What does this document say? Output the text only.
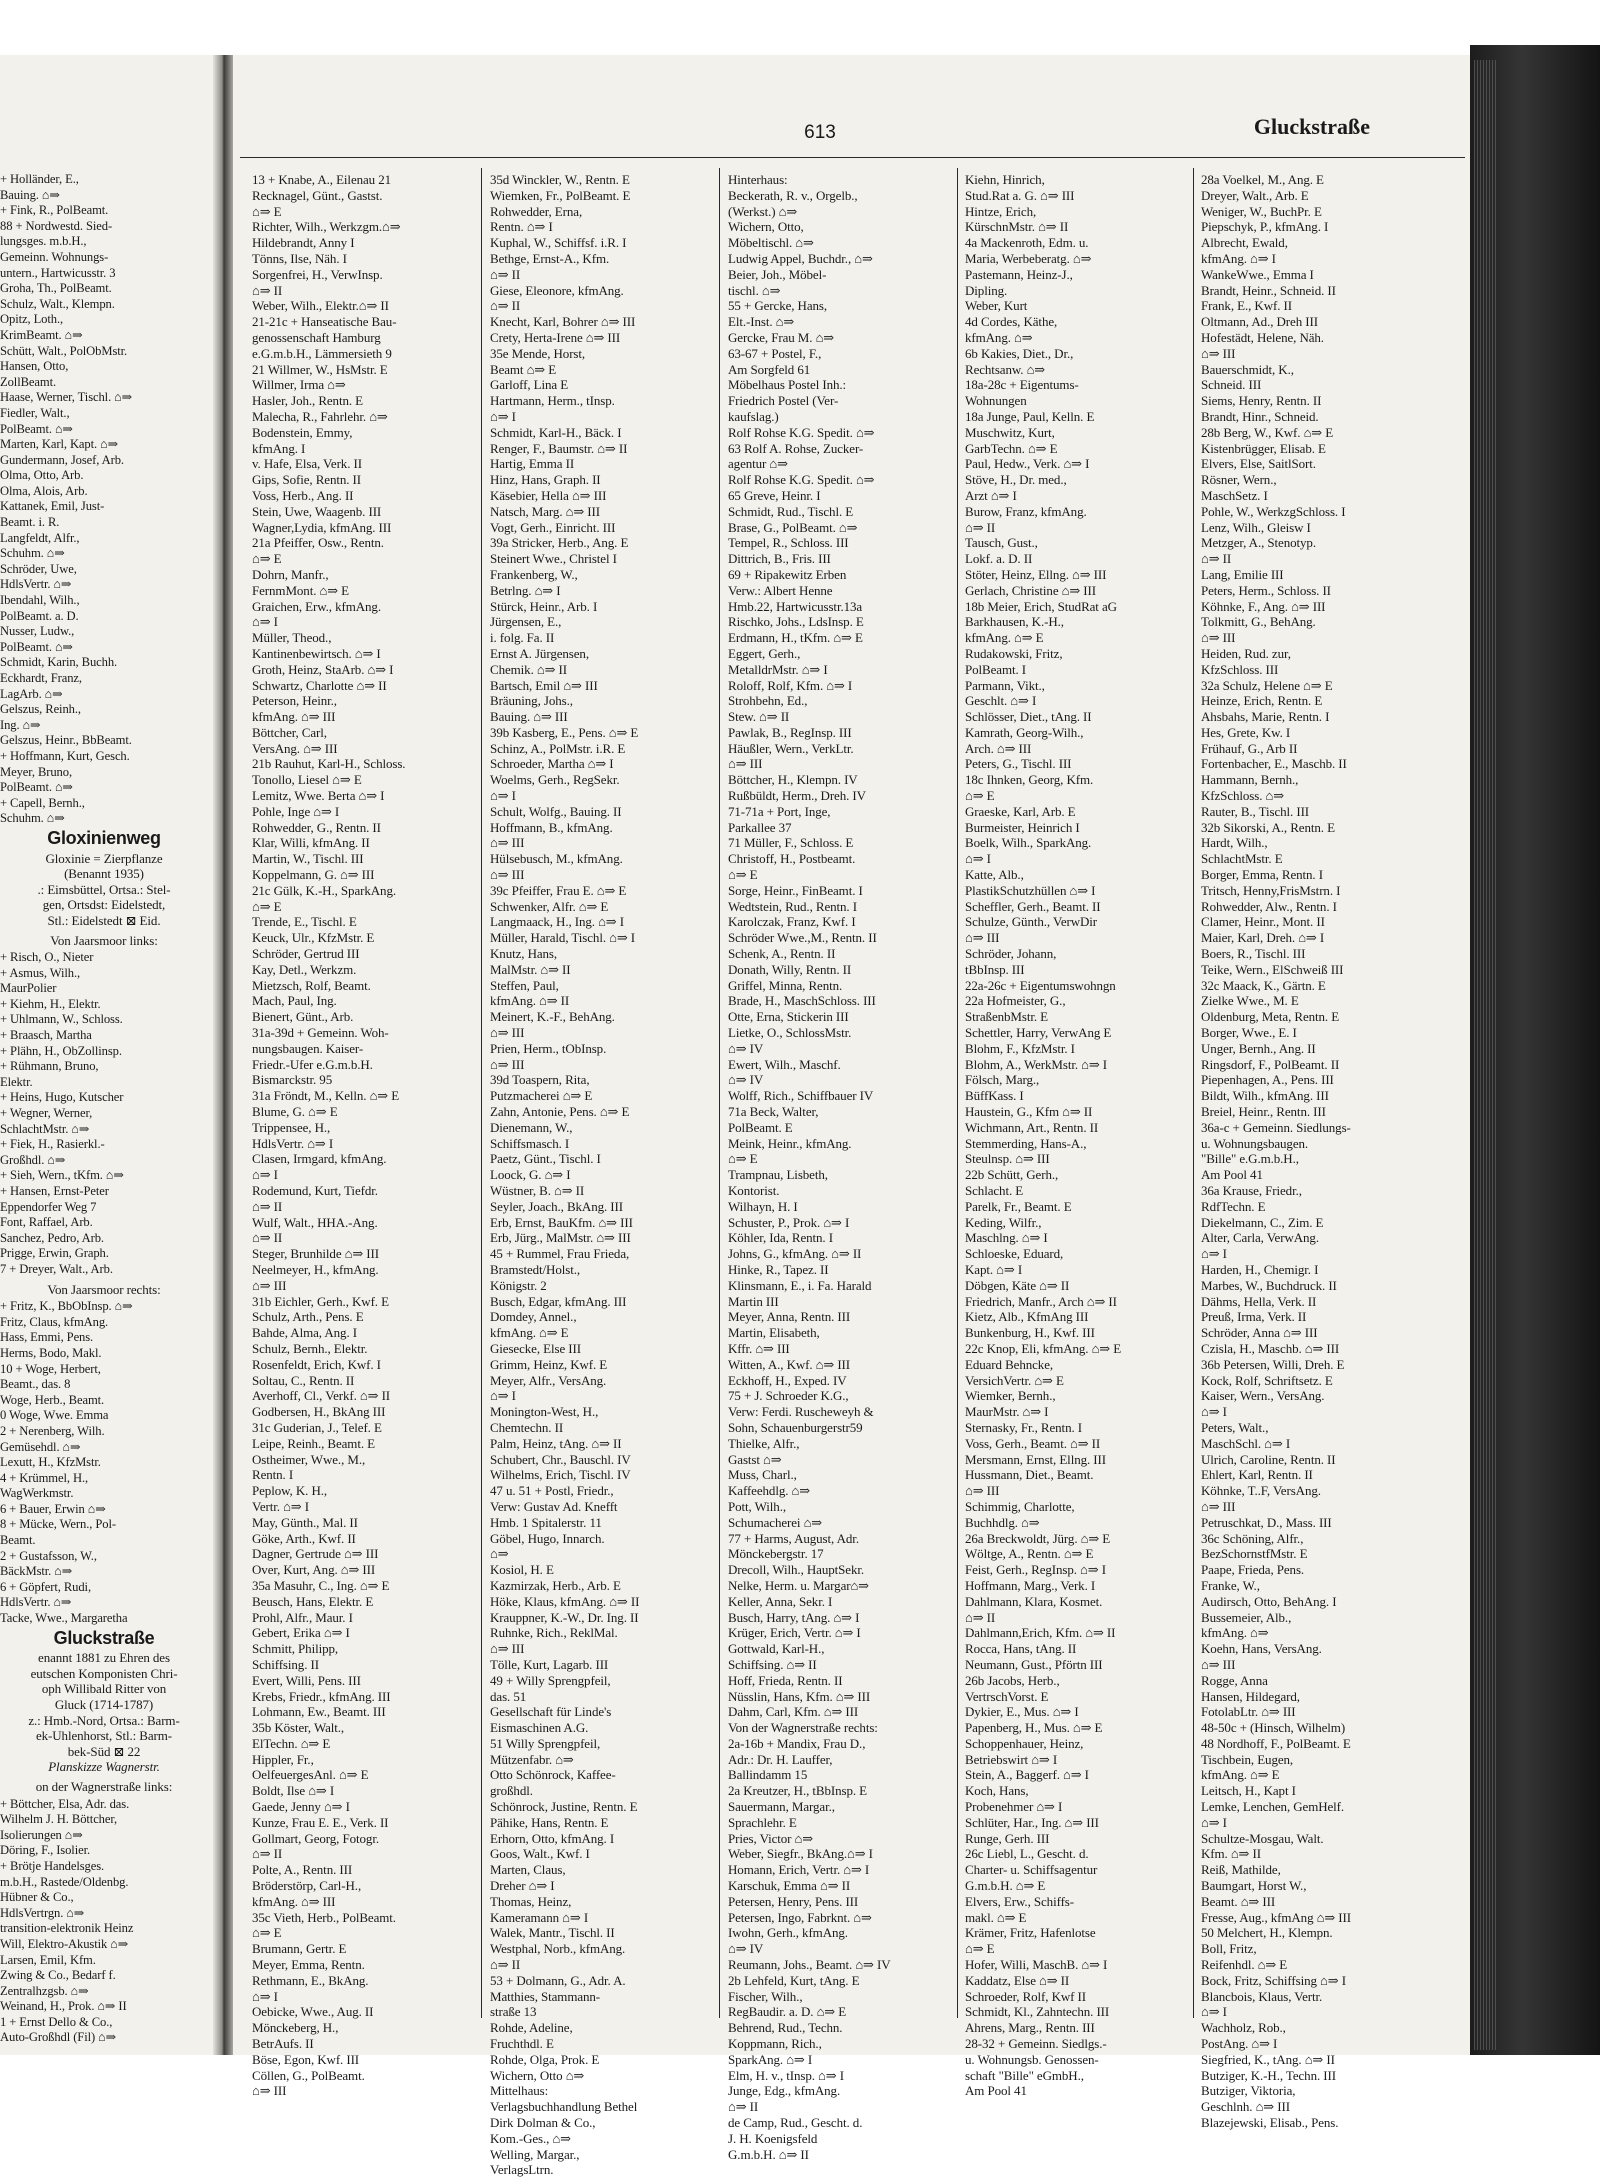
613	Gluckstraße
+ Holländer, E.,
Bauing. ⌂⇒
+ Fink, R., PolBeamt.
88 + Nordwestd. Sied-
lungsges. m.b.H.,
Gemeinn. Wohnungs-
untern., Hartwicusstr. 3
Groha, Th., PolBeamt.
Schulz, Walt., Klempn.
Opitz, Loth.,
KrimBeamt. ⌂⇒
Schütt, Walt., PolObMstr.
Hansen, Otto,
ZollBeamt.
Haase, Werner, Tischl. ⌂⇒
Fiedler, Walt.,
PolBeamt. ⌂⇒
Marten, Karl, Kapt. ⌂⇒
Gundermann, Josef, Arb.
Olma, Otto, Arb.
Olma, Alois, Arb.
Kattanek, Emil, Just-
Beamt. i. R.
Langfeldt, Alfr.,
Schuhm. ⌂⇒
Schröder, Uwe,
HdlsVertr. ⌂⇒
Ibendahl, Wilh.,
PolBeamt. a. D.
Nusser, Ludw.,
PolBeamt. ⌂⇒
Schmidt, Karin, Buchh.
Eckhardt, Franz,
LagArb. ⌂⇒
Gelszus, Reinh.,
Ing. ⌂⇒
Gelszus, Heinr., BbBeamt.
+ Hoffmann, Kurt, Gesch.
Meyer, Bruno,
PolBeamt. ⌂⇒
+ Capell, Bernh.,
Schuhm. ⌂⇒
Gloxinienweg
Gloxinie = Zierpflanze
(Benannt 1935)
.: Eimsbüttel, Ortsa.: Stel-
gen, Ortsdst: Eidelstedt,
Stl.: Eidelstedt ⊠ Eid.
Von Jaarsmoor links:
+ Risch, O., Nieter
+ Asmus, Wilh.,
MaurPolier
+ Kiehm, H., Elektr.
+ Uhlmann, W., Schloss.
+ Braasch, Martha
+ Plähn, H., ObZollinsp.
+ Rühmann, Bruno,
Elektr.
+ Heins, Hugo, Kutscher
+ Wegner, Werner,
SchlachtMstr. ⌂⇒
+ Fiek, H., Rasierkl.-
Großhdl. ⌂⇒
+ Sieh, Wern., tKfm. ⌂⇒
+ Hansen, Ernst-Peter
Eppendorfer Weg 7
Font, Raffael, Arb.
Sanchez, Pedro, Arb.
Prigge, Erwin, Graph.
7 + Dreyer, Walt., Arb.
Von Jaarsmoor rechts:
+ Fritz, K., BbObInsp. ⌂⇒
Fritz, Claus, kfmAng.
Hass, Emmi, Pens.
Herms, Bodo, Makl.
10 + Woge, Herbert,
Beamt., das. 8
Woge, Herb., Beamt.
0 Woge, Wwe. Emma
2 + Nerenberg, Wilh.
Gemüsehdl. ⌂⇒
Lexutt, H., KfzMstr.
4 + Krümmel, H.,
WagWerkmstr.
6 + Bauer, Erwin ⌂⇒
8 + Mücke, Wern., Pol-
Beamt.
2 + Gustafsson, W.,
BäckMstr. ⌂⇒
6 + Göpfert, Rudi,
HdlsVertr. ⌂⇒
Tacke, Wwe., Margaretha
Gluckstraße
enannt 1881 zu Ehren des
eutschen Komponisten Chri-
oph Willibald Ritter von
Gluck (1714-1787)
z.: Hmb.-Nord, Ortsa.: Barm-
ek-Uhlenhorst, Stl.: Barm-
bek-Süd ⊠ 22
Planskizze Wagnerstr.
on der Wagnerstraße links:
+ Böttcher, Elsa, Adr. das.
Wilhelm J. H. Böttcher,
Isolierungen ⌂⇒
Döring, F., Isolier.
+ Brötje Handelsges.
m.b.H., Rastede/Oldenbg.
Hübner & Co.,
HdlsVertrgn. ⌂⇒
transition-elektronik Heinz
Will, Elektro-Akustik ⌂⇒
Larsen, Emil, Kfm.
Zwing & Co., Bedarf f.
Zentralhzgsb. ⌂⇒
Weinand, H., Prok. ⌂⇒ II
1 + Ernst Dello & Co.,
Auto-Großhdl (Fil) ⌂⇒
13 + Knabe, A., Eilenau 21
Recknagel, Günt., Gastst.
⌂⇒ E
Richter, Wilh., Werkzgm.⌂⇒
Hildebrandt, Anny I
Tönns, Ilse, Näh. I
Sorgenfrei, H., VerwInsp.
⌂⇒ II
Weber, Wilh., Elektr.⌂⇒ II
21-21c + Hanseatische Bau-
genossenschaft Hamburg
e.G.m.b.H., Lämmersieth 9
21 Willmer, W., HsMstr. E
Willmer, Irma ⌂⇒
Hasler, Joh., Rentn. E
Malecha, R., Fahrlehr. ⌂⇒
Bodenstein, Emmy,
kfmAng. I
v. Hafe, Elsa, Verk. II
Gips, Sofie, Rentn. II
Voss, Herb., Ang. II
Stein, Uwe, Waagenb. III
Wagner,Lydia, kfmAng. III
21a Pfeiffer, Osw., Rentn.
⌂⇒ E
Dohrn, Manfr.,
FernmMont. ⌂⇒ E
Graichen, Erw., kfmAng.
⌂⇒ I
Müller, Theod.,
Kantinenbewirtsch. ⌂⇒ I
Groth, Heinz, StaArb. ⌂⇒ I
Schwartz, Charlotte ⌂⇒ II
Peterson, Heinr.,
kfmAng. ⌂⇒ III
Böttcher, Carl,
VersAng. ⌂⇒ III
21b Rauhut, Karl-H., Schloss.
Tonollo, Liesel ⌂⇒ E
Lemitz, Wwe. Berta ⌂⇒ I
Pohle, Inge ⌂⇒ I
Rohwedder, G., Rentn. II
Klar, Willi, kfmAng. II
Martin, W., Tischl. III
Koppelmann, G. ⌂⇒ III
21c Gülk, K.-H., SparkAng.
⌂⇒ E
Trende, E., Tischl. E
Keuck, Ulr., KfzMstr. E
Schröder, Gertrud III
Kay, Detl., Werkzm.
Mietzsch, Rolf, Beamt.
Mach, Paul, Ing.
Bienert, Günt., Arb.
31a-39d + Gemeinn. Woh-
nungsbaugen. Kaiser-
Friedr.-Ufer e.G.m.b.H.
Bismarckstr. 95
31a Fröndt, M., Kelln. ⌂⇒ E
Blume, G. ⌂⇒ E
Trippensee, H.,
HdlsVertr. ⌂⇒ I
Clasen, Irmgard, kfmAng.
⌂⇒ I
Rodemund, Kurt, Tiefdr.
⌂⇒ II
Wulf, Walt., HHA.-Ang.
⌂⇒ II
Steger, Brunhilde ⌂⇒ III
Neelmeyer, H., kfmAng.
⌂⇒ III
31b Eichler, Gerh., Kwf. E
Schulz, Arth., Pens. E
Bahde, Alma, Ang. I
Schulz, Bernh., Elektr.
Rosenfeldt, Erich, Kwf. I
Soltau, C., Rentn. II
Averhoff, Cl., Verkf. ⌂⇒ II
Godbersen, H., BkAng III
31c Guderian, J., Telef. E
Leipe, Reinh., Beamt. E
Ostheimer, Wwe., M.,
Rentn. I
Peplow, K. H.,
Vertr. ⌂⇒ I
May, Günth., Mal. II
Göke, Arth., Kwf. II
Dagner, Gertrude ⌂⇒ III
Over, Kurt, Ang. ⌂⇒ III
35a Masuhr, C., Ing. ⌂⇒ E
Beusch, Hans, Elektr. E
Prohl, Alfr., Maur. I
Gebert, Erika ⌂⇒ I
Schmitt, Philipp,
Schiffsing. II
Evert, Willi, Pens. III
Krebs, Friedr., kfmAng. III
Lohmann, Ew., Beamt. III
35b Köster, Walt.,
ElTechn. ⌂⇒ E
Hippler, Fr.,
OelfeuergesAnl. ⌂⇒ E
Boldt, Ilse ⌂⇒ I
Gaede, Jenny ⌂⇒ I
Kunze, Frau E. E., Verk. II
Gollmart, Georg, Fotogr.
⌂⇒ II
Polte, A., Rentn. III
Bröderstörp, Carl-H.,
kfmAng. ⌂⇒ III
35c Vieth, Herb., PolBeamt.
⌂⇒ E
Brumann, Gertr. E
Meyer, Emma, Rentn.
Rethmann, E., BkAng.
⌂⇒ I
Oebicke, Wwe., Aug. II
Mönckeberg, H.,
BetrAufs. II
Böse, Egon, Kwf. III
Cöllen, G., PolBeamt.
⌂⇒ III
35d Winckler, W., Rentn. E
Wiemken, Fr., PolBeamt. E
Rohwedder, Erna,
Rentn. ⌂⇒ I
Kuphal, W., Schiffsf. i.R. I
Bethge, Ernst-A., Kfm.
⌂⇒ II
Giese, Eleonore, kfmAng.
⌂⇒ II
Knecht, Karl, Bohrer ⌂⇒ III
Crety, Herta-Irene ⌂⇒ III
35e Mende, Horst,
Beamt ⌂⇒ E
Garloff, Lina E
Hartmann, Herm., tInsp.
⌂⇒ I
Schmidt, Karl-H., Bäck. I
Renger, F., Baumstr. ⌂⇒ II
Hartig, Emma II
Hinz, Hans, Graph. II
Käsebier, Hella ⌂⇒ III
Natsch, Marg. ⌂⇒ III
Vogt, Gerh., Einricht. III
39a Stricker, Herb., Ang. E
Steinert Wwe., Christel I
Frankenberg, W.,
Betrlng. ⌂⇒ I
Stürck, Heinr., Arb. I
Jürgensen, E.,
i. folg. Fa. II
Ernst A. Jürgensen,
Chemik. ⌂⇒ II
Bartsch, Emil ⌂⇒ III
Bräuning, Johs.,
Bauing. ⌂⇒ III
39b Kasberg, E., Pens. ⌂⇒ E
Schinz, A., PolMstr. i.R. E
Schroeder, Martha ⌂⇒ I
Woelms, Gerh., RegSekr.
⌂⇒ I
Schult, Wolfg., Bauing. II
Hoffmann, B., kfmAng.
⌂⇒ III
Hülsebusch, M., kfmAng.
⌂⇒ III
39c Pfeiffer, Frau E. ⌂⇒ E
Schwenker, Alfr. ⌂⇒ E
Langmaack, H., Ing. ⌂⇒ I
Müller, Harald, Tischl. ⌂⇒ I
Knutz, Hans,
MalMstr. ⌂⇒ II
Steffen, Paul,
kfmAng. ⌂⇒ II
Meinert, K.-F., BehAng.
⌂⇒ III
Prien, Herm., tObInsp.
⌂⇒ III
39d Toaspern, Rita,
Putzmacherei ⌂⇒ E
Zahn, Antonie, Pens. ⌂⇒ E
Dienemann, W.,
Schiffsmasch. I
Paetz, Günt., Tischl. I
Loock, G. ⌂⇒ I
Wüstner, B. ⌂⇒ II
Seyler, Joach., BkAng. III
Erb, Ernst, BauKfm. ⌂⇒ III
Erb, Jürg., MalMstr. ⌂⇒ III
45 + Rummel, Frau Frieda,
Bramstedt/Holst.,
Königstr. 2
Busch, Edgar, kfmAng. III
Domdey, Annel.,
kfmAng. ⌂⇒ E
Giesecke, Else III
Grimm, Heinz, Kwf. E
Meyer, Alfr., VersAng.
⌂⇒ I
Monington-West, H.,
Chemtechn. II
Palm, Heinz, tAng. ⌂⇒ II
Schubert, Chr., Bauschl. IV
Wilhelms, Erich, Tischl. IV
47 u. 51 + Postl, Friedr.,
Verw: Gustav Ad. Knefft
Hmb. 1 Spitalerstr. 11
Göbel, Hugo, Innarch.
⌂⇒
Kosiol, H. E
Kazmirzak, Herb., Arb. E
Höke, Klaus, kfmAng. ⌂⇒ II
Krauppner, K.-W., Dr. Ing. II
Ruhnke, Rich., ReklMal.
⌂⇒ III
Tölle, Kurt, Lagarb. III
49 + Willy Sprengpfeil,
das. 51
Gesellschaft für Linde's
Eismaschinen A.G.
51 Willy Sprengpfeil,
Mützenfabr. ⌂⇒
Otto Schönrock, Kaffee-
großhdl.
Schönrock, Justine, Rentn. E
Pähike, Hans, Rentn. E
Erhorn, Otto, kfmAng. I
Goos, Walt., Kwf. I
Marten, Claus,
Dreher ⌂⇒ I
Thomas, Heinz,
Kameramann ⌂⇒ I
Walek, Mantr., Tischl. II
Westphal, Norb., kfmAng.
⌂⇒ II
53 + Dolmann, G., Adr. A.
Matthies, Stammann-
straße 13
Rohde, Adeline,
Fruchthdl. E
Rohde, Olga, Prok. E
Wichern, Otto ⌂⇒
Mittelhaus:
Verlagsbuchhandlung Bethel
Dirk Dolman & Co.,
Kom.-Ges., ⌂⇒
Welling, Margar.,
VerlagsLtrn.
Hinterhaus:
Beckerath, R. v., Orgelb.,
(Werkst.) ⌂⇒
Wichern, Otto,
Möbeltischl. ⌂⇒
Ludwig Appel, Buchdr., ⌂⇒
Beier, Joh., Möbel-
tischl. ⌂⇒
55 + Gercke, Hans,
Elt.-Inst. ⌂⇒
Gercke, Frau M. ⌂⇒
63-67 + Postel, F.,
Am Sorgfeld 61
Möbelhaus Postel Inh.:
Friedrich Postel (Ver-
kaufslag.)
Rolf Rohse K.G. Spedit. ⌂⇒
63 Rolf A. Rohse, Zucker-
agentur ⌂⇒
Rolf Rohse K.G. Spedit. ⌂⇒
65 Greve, Heinr. I
Schmidt, Rud., Tischl. E
Brase, G., PolBeamt. ⌂⇒
Tempel, R., Schloss. III
Dittrich, B., Fris. III
69 + Ripakewitz Erben
Verw.: Albert Henne
Hmb.22, Hartwicusstr.13a
Rischko, Johs., LdsInsp. E
Erdmann, H., tKfm. ⌂⇒ E
Eggert, Gerh.,
MetalldrMstr. ⌂⇒ I
Roloff, Rolf, Kfm. ⌂⇒ I
Strohbehn, Ed.,
Stew. ⌂⇒ II
Pawlak, B., RegInsp. III
Häußler, Wern., VerkLtr.
⌂⇒ III
Böttcher, H., Klempn. IV
Rußbüldt, Herm., Dreh. IV
71-71a + Port, Inge,
Parkallee 37
71 Müller, F., Schloss. E
Christoff, H., Postbeamt.
⌂⇒ E
Sorge, Heinr., FinBeamt. I
Wedtstein, Rud., Rentn. I
Karolczak, Franz, Kwf. I
Schröder Wwe.,M., Rentn. II
Schenk, A., Rentn. II
Donath, Willy, Rentn. II
Griffel, Minna, Rentn.
Brade, H., MaschSchloss. III
Otte, Erna, Stickerin III
Lietke, O., SchlossMstr.
⌂⇒ IV
Ewert, Wilh., Maschf.
⌂⇒ IV
Wolff, Rich., Schiffbauer IV
71a Beck, Walter,
PolBeamt. E
Meink, Heinr., kfmAng.
⌂⇒ E
Trampnau, Lisbeth,
Kontorist.
Wilhayn, H. I
Schuster, P., Prok. ⌂⇒ I
Köhler, Ida, Rentn. I
Johns, G., kfmAng. ⌂⇒ II
Hinke, R., Tapez. II
Klinsmann, E., i. Fa. Harald
Martin III
Meyer, Anna, Rentn. III
Martin, Elisabeth,
Kffr. ⌂⇒ III
Witten, A., Kwf. ⌂⇒ III
Eckhoff, H., Exped. IV
75 + J. Schroeder K.G.,
Verw: Ferdi. Ruscheweyh &
Sohn, Schauenburgerstr59
Thielke, Alfr.,
Gastst ⌂⇒
Muss, Charl.,
Kaffeehdlg. ⌂⇒
Pott, Wilh.,
Schumacherei ⌂⇒
77 + Harms, August, Adr.
Mönckebergstr. 17
Drecoll, Wilh., HauptSekr.
Nelke, Herm. u. Margar⌂⇒
Keller, Anna, Sekr. I
Busch, Harry, tAng. ⌂⇒ I
Krüger, Erich, Vertr. ⌂⇒ I
Gottwald, Karl-H.,
Schiffsing. ⌂⇒ II
Hoff, Frieda, Rentn. II
Nüsslin, Hans, Kfm. ⌂⇒ III
Dahm, Carl, Kfm. ⌂⇒ III
Von der Wagnerstraße rechts:
2a-16b + Mandix, Frau D.,
Adr.: Dr. H. Lauffer,
Ballindamm 15
2a Kreutzer, H., tBbInsp. E
Sauermann, Margar.,
Sprachlehr. E
Pries, Victor ⌂⇒
Weber, Siegfr., BkAng.⌂⇒ I
Homann, Erich, Vertr. ⌂⇒ I
Karschuk, Emma ⌂⇒ II
Petersen, Henry, Pens. III
Petersen, Ingo, Fabrknt. ⌂⇒
Iwohn, Gerh., kfmAng.
⌂⇒ IV
Reumann, Johs., Beamt. ⌂⇒ IV
2b Lehfeld, Kurt, tAng. E
Fischer, Wilh.,
RegBaudir. a. D. ⌂⇒ E
Behrend, Rud., Techn.
Koppmann, Rich.,
SparkAng. ⌂⇒ I
Elm, H. v., tInsp. ⌂⇒ I
Junge, Edg., kfmAng.
⌂⇒ II
de Camp, Rud., Gescht. d.
J. H. Koenigsfeld
G.m.b.H. ⌂⇒ II
Kiehn, Hinrich,
Stud.Rat a. G. ⌂⇒ III
Hintze, Erich,
KürschnMstr. ⌂⇒ II
4a Mackenroth, Edm. u.
Maria, Werbeberatg. ⌂⇒
Pastemann, Heinz-J.,
Dipling.
Weber, Kurt
4d Cordes, Käthe,
kfmAng. ⌂⇒
6b Kakies, Diet., Dr.,
Rechtsanw. ⌂⇒
18a-28c + Eigentums-
Wohnungen
18a Junge, Paul, Kelln. E
Muschwitz, Kurt,
GarbTechn. ⌂⇒ E
Paul, Hedw., Verk. ⌂⇒ I
Stöve, H., Dr. med.,
Arzt ⌂⇒ I
Burow, Franz, kfmAng.
⌂⇒ II
Tausch, Gust.,
Lokf. a. D. II
Stöter, Heinz, Ellng. ⌂⇒ III
Gerlach, Christine ⌂⇒ III
18b Meier, Erich, StudRat aG
Barkhausen, K.-H.,
kfmAng. ⌂⇒ E
Rudakowski, Fritz,
PolBeamt. I
Parmann, Vikt.,
Geschlt. ⌂⇒ I
Schlösser, Diet., tAng. II
Kamrath, Georg-Wilh.,
Arch. ⌂⇒ III
Peters, G., Tischl. III
18c Ihnken, Georg, Kfm.
⌂⇒ E
Graeske, Karl, Arb. E
Burmeister, Heinrich I
Boelk, Wilh., SparkAng.
⌂⇒ I
Katte, Alb.,
PlastikSchutzhüllen ⌂⇒ I
Scheffler, Gerh., Beamt. II
Schulze, Günth., VerwDir
⌂⇒ III
Schröder, Johann,
tBbInsp. III
22a-26c + Eigentumswohngn
22a Hofmeister, G.,
StraßenbMstr. E
Schettler, Harry, VerwAng E
Blohm, F., KfzMstr. I
Blohm, A., WerkMstr. ⌂⇒ I
Fölsch, Marg.,
BüffKass. I
Haustein, G., Kfm ⌂⇒ II
Wichmann, Art., Rentn. II
Stemmerding, Hans-A.,
Steulnsp. ⌂⇒ III
22b Schütt, Gerh.,
Schlacht. E
Parelk, Fr., Beamt. E
Keding, Wilfr.,
Maschlng. ⌂⇒ I
Schloeske, Eduard,
Kapt. ⌂⇒ I
Döbgen, Käte ⌂⇒ II
Friedrich, Manfr., Arch ⌂⇒ II
Kietz, Alb., KfmAng III
Bunkenburg, H., Kwf. III
22c Knop, Eli, kfmAng. ⌂⇒ E
Eduard Behncke,
VersichVertr. ⌂⇒ E
Wiemker, Bernh.,
MaurMstr. ⌂⇒ I
Sternasky, Fr., Rentn. I
Voss, Gerh., Beamt. ⌂⇒ II
Mersmann, Ernst, Ellng. III
Hussmann, Diet., Beamt.
⌂⇒ III
Schimmig, Charlotte,
Buchhdlg. ⌂⇒
26a Breckwoldt, Jürg. ⌂⇒ E
Wöltge, A., Rentn. ⌂⇒ E
Feist, Gerh., RegInsp. ⌂⇒ I
Hoffmann, Marg., Verk. I
Dahlmann, Klara, Kosmet.
⌂⇒ II
Dahlmann,Erich, Kfm. ⌂⇒ II
Rocca, Hans, tAng. II
Neumann, Gust., Pförtn III
26b Jacobs, Herb.,
VertrschVorst. E
Dykier, E., Mus. ⌂⇒ I
Papenberg, H., Mus. ⌂⇒ E
Schoppenhauer, Heinz,
Betriebswirt ⌂⇒ I
Stein, A., Baggerf. ⌂⇒ I
Koch, Hans,
Probenehmer ⌂⇒ I
Schlüter, Har., Ing. ⌂⇒ III
Runge, Gerh. III
26c Liebl, L., Gescht. d.
Charter- u. Schiffsagentur
G.m.b.H. ⌂⇒ E
Elvers, Erw., Schiffs-
makl. ⌂⇒ E
Krämer, Fritz, Hafenlotse
⌂⇒ E
Hofer, Willi, MaschB. ⌂⇒ I
Kaddatz, Else ⌂⇒ II
Schroeder, Rolf, Kwf II
Schmidt, Kl., Zahntechn. III
Ahrens, Marg., Rentn. III
28-32 + Gemeinn. Siedlgs.-
u. Wohnungsb. Genossen-
schaft "Bille" eGmbH.,
Am Pool 41
28a Voelkel, M., Ang. E
Dreyer, Walt., Arb. E
Weniger, W., BuchPr. E
Piepschyk, P., kfmAng. I
Albrecht, Ewald,
kfmAng. ⌂⇒ I
WankeWwe., Emma I
Brandt, Heinr., Schneid. II
Frank, E., Kwf. II
Oltmann, Ad., Dreh III
Hofestädt, Helene, Näh.
⌂⇒ III
Bauerschmidt, K.,
Schneid. III
Siems, Henry, Rentn. II
Brandt, Hinr., Schneid.
28b Berg, W., Kwf. ⌂⇒ E
Kistenbrügger, Elisab. E
Elvers, Else, SaitlSort.
Rösner, Wern.,
MaschSetz. I
Pohle, W., WerkzgSchloss. I
Lenz, Wilh., Gleisw I
Metzger, A., Stenotyp.
⌂⇒ II
Lang, Emilie III
Peters, Herm., Schloss. II
Köhnke, F., Ang. ⌂⇒ III
Tolkmitt, G., BehAng.
⌂⇒ III
Heiden, Rud. zur,
KfzSchloss. III
32a Schulz, Helene ⌂⇒ E
Heinze, Erich, Rentn. E
Ahsbahs, Marie, Rentn. I
Hes, Grete, Kw. I
Frühauf, G., Arb II
Fortenbacher, E., Maschb. II
Hammann, Bernh.,
KfzSchloss. ⌂⇒
Rauter, B., Tischl. III
32b Sikorski, A., Rentn. E
Hardt, Wilh.,
SchlachtMstr. E
Borger, Emma, Rentn. I
Tritsch, Henny,FrisMstrn. I
Rohwedder, Alw., Rentn. I
Clamer, Heinr., Mont. II
Maier, Karl, Dreh. ⌂⇒ I
Boers, R., Tischl. III
Teike, Wern., ElSchweiß III
32c Maack, K., Gärtn. E
Zielke Wwe., M. E
Oldenburg, Meta, Rentn. E
Borger, Wwe., E. I
Unger, Bernh., Ang. II
Ringsdorf, F., PolBeamt. II
Piepenhagen, A., Pens. III
Bildt, Wilh., kfmAng. III
Breiel, Heinr., Rentn. III
36a-c + Gemeinn. Siedlungs-
u. Wohnungsbaugen.
"Bille" e.G.m.b.H.,
Am Pool 41
36a Krause, Friedr.,
RdfTechn. E
Diekelmann, C., Zim. E
Alter, Carla, VerwAng.
⌂⇒ I
Harden, H., Chemigr. I
Marbes, W., Buchdruck. II
Dähms, Hella, Verk. II
Preuß, Irma, Verk. II
Schröder, Anna ⌂⇒ III
Czisla, H., Maschb. ⌂⇒ III
36b Petersen, Willi, Dreh. E
Kock, Rolf, Schriftsetz. E
Kaiser, Wern., VersAng.
⌂⇒ I
Peters, Walt.,
MaschSchl. ⌂⇒ I
Ulrich, Caroline, Rentn. II
Ehlert, Karl, Rentn. II
Köhnke, T..F, VersAng.
⌂⇒ III
Petruschkat, D., Mass. III
36c Schöning, Alfr.,
BezSchornstfMstr. E
Paape, Frieda, Pens.
Franke, W.,
Audirsch, Otto, BehAng. I
Bussemeier, Alb.,
kfmAng. ⌂⇒
Koehn, Hans, VersAng.
⌂⇒ III
Rogge, Anna
Hansen, Hildegard,
FotolabLtr. ⌂⇒ III
48-50c + (Hinsch, Wilhelm)
48 Nordhoff, F., PolBeamt. E
Tischbein, Eugen,
kfmAng. ⌂⇒ E
Leitsch, H., Kapt I
Lemke, Lenchen, GemHelf.
⌂⇒ I
Schultze-Mosgau, Walt.
Kfm. ⌂⇒ II
Reiß, Mathilde,
Baumgart, Horst W.,
Beamt. ⌂⇒ III
Fresse, Aug., kfmAng ⌂⇒ III
50 Melchert, H., Klempn.
Boll, Fritz,
Reifenhdl. ⌂⇒ E
Bock, Fritz, Schiffsing ⌂⇒ I
Blancbois, Klaus, Vertr.
⌂⇒ I
Wachholz, Rob.,
PostAng. ⌂⇒ I
Siegfried, K., tAng. ⌂⇒ II
Butziger, K.-H., Techn. III
Butziger, Viktoria,
Geschlnh. ⌂⇒ III
Blazejewski, Elisab., Pens.
